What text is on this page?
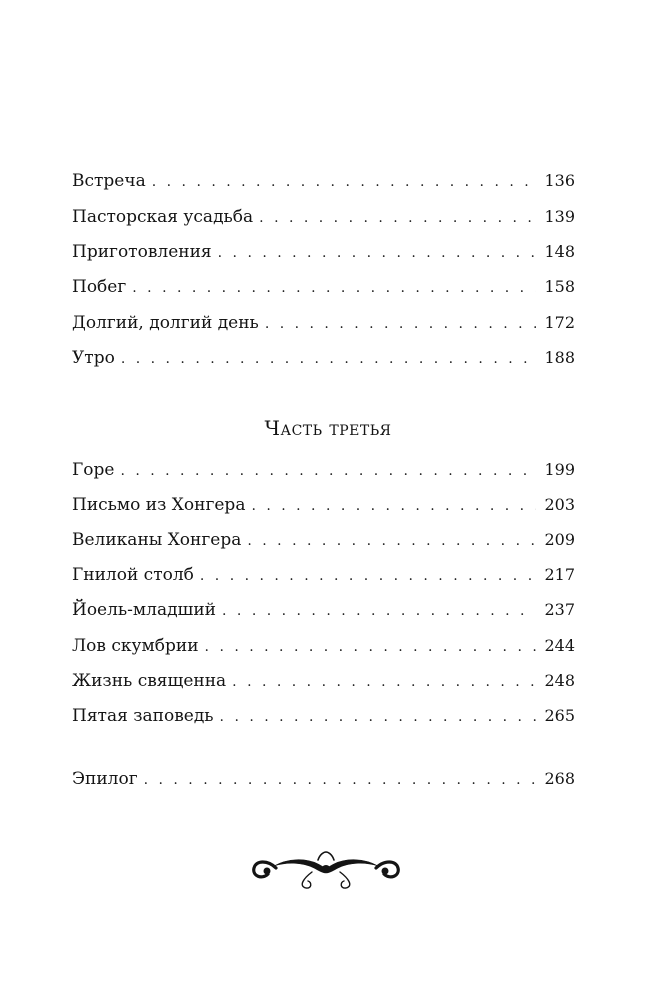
Встреча . . .	136
Пасторская усадьба . . .	139
Приготовления . . .	148
Побег . . .	158
Долгий, долгий день . . .	172
Утро . . .	188
Горе . . .	199
Письмо из Хонгера . . .	203
Великаны Хонгера . . .	209
Гнилой столб . . .	217
Йоель-младший . . .	237
Лов скумбрии . . .	244
Жизнь священна . . .	248
Пятая заповедь . . .	265
Эпилог . . .	268
Часть третья
